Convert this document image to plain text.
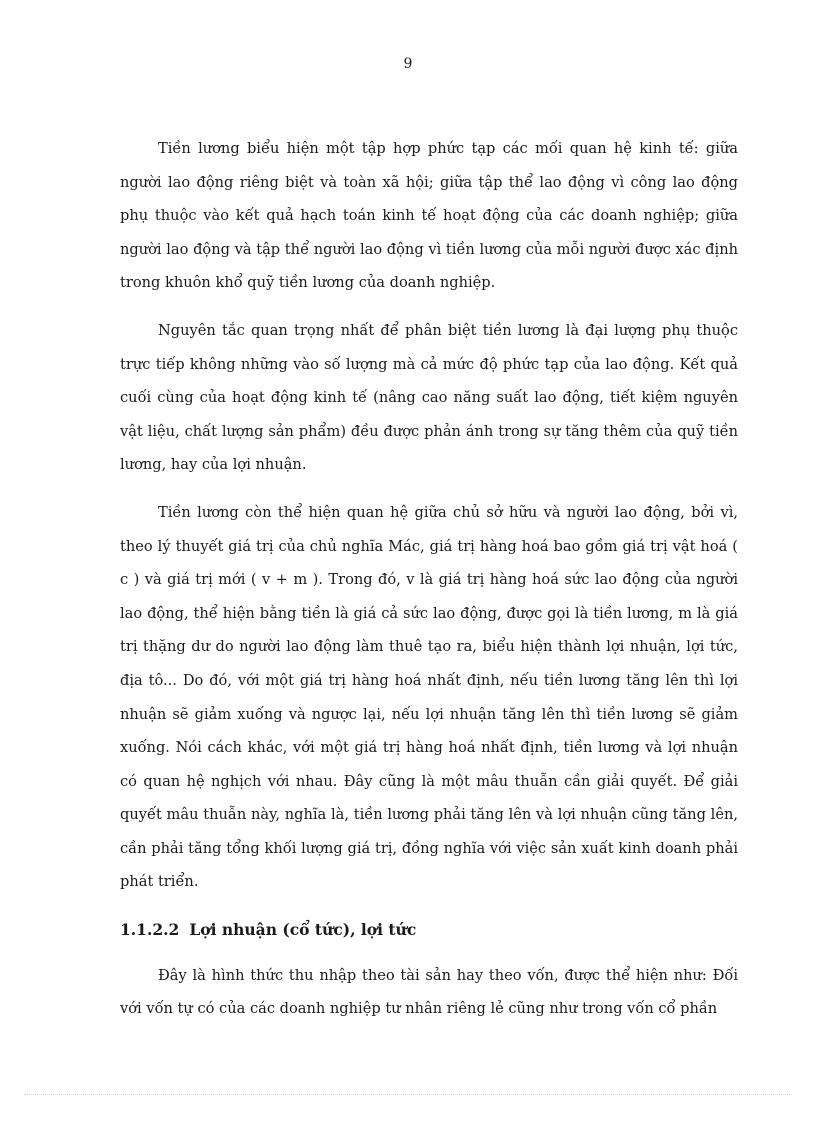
9

Tiền lương biểu hiện một tập hợp phức tạp các mối quan hệ kinh tế: giữa người lao động riêng biệt và toàn xã hội; giữa tập thể lao động vì công lao động phụ thuộc vào kết quả hạch toán kinh tế hoạt động của các doanh nghiệp; giữa người lao động và tập thể người lao động vì tiền lương của mỗi người được xác định trong khuôn khổ quỹ tiền lương của doanh nghiệp.

Nguyên tắc quan trọng nhất để phân biệt tiền lương là đại lượng phụ thuộc trực tiếp không những vào số lượng mà cả mức độ phức tạp của lao động. Kết quả cuối cùng của hoạt động kinh tế (nâng cao năng suất lao động, tiết kiệm nguyên vật liệu, chất lượng sản phẩm) đều được phản ánh trong sự tăng thêm của quỹ tiền lương, hay của lợi nhuận.

Tiền lương còn thể hiện quan hệ giữa chủ sở hữu và người lao động, bởi vì, theo lý thuyết giá trị của chủ nghĩa Mác, giá trị hàng hoá bao gồm giá trị vật hoá ( c ) và giá trị mới ( v + m ). Trong đó, v là giá trị hàng hoá sức lao động của người lao động, thể hiện bằng tiền là giá cả sức lao động, được gọi là tiền lương, m là giá trị thặng dư do người lao động làm thuê tạo ra, biểu hiện thành lợi nhuận, lợi tức, địa tô... Do đó, với một giá trị hàng hoá nhất định, nếu tiền lương tăng lên thì lợi nhuận sẽ giảm xuống và ngược lại, nếu lợi nhuận tăng lên thì tiền lương sẽ giảm xuống. Nói cách khác, với một giá trị hàng hoá nhất định, tiền lương và lợi nhuận có quan hệ nghịch với nhau. Đây cũng là một mâu thuẫn cần giải quyết. Để giải quyết mâu thuẫn này, nghĩa là, tiền lương phải tăng lên và lợi nhuận cũng tăng lên, cần phải tăng tổng khối lượng giá trị, đồng nghĩa với việc sản xuất kinh doanh phải phát triển.

1.1.2.2 Lợi nhuận (cổ tức), lợi tức

Đây là hình thức thu nhập theo tài sản hay theo vốn, được thể hiện như: Đối với vốn tự có của các doanh nghiệp tư nhân riêng lẻ cũng như trong vốn cổ phần
